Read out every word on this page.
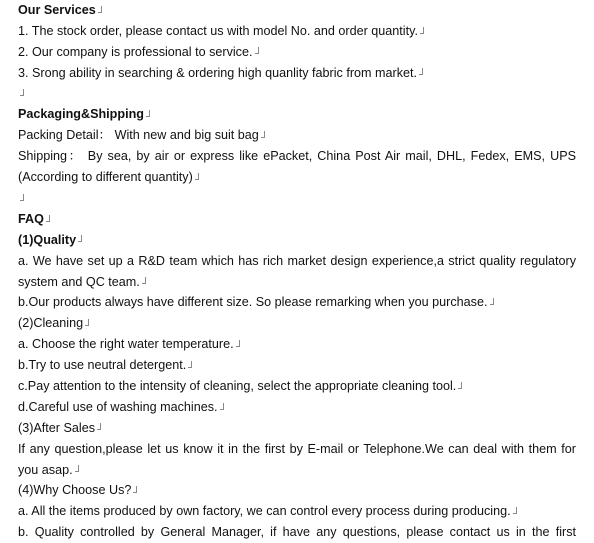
Our Services
1. The stock order, please contact us with model No. and order quantity.
2. Our company is professional to service.
3. Srong ability in searching & ordering high quanlity fabric from market.
Packaging&Shipping
Packing Detail： With new and big suit bag
Shipping： By sea, by air or express like ePacket, China Post Air mail, DHL, Fedex, EMS, UPS
(According to different quantity)
FAQ
(1)Quality
a. We have set up a R&D team which has rich market design experience,a strict quality regulatory
system and QC team.
b.Our products always have different size. So please remarking when you purchase.
(2)Cleaning
a. Choose the right water temperature.
b.Try to use neutral detergent.
c.Pay attention to the intensity of cleaning, select the appropriate cleaning tool.
d.Careful use of washing machines.
(3)After Sales
If any question,please let us know it in the first by E-mail or Telephone.We can deal with them for
you asap.
(4)Why Choose Us?
a. All the items produced by own factory, we can control every process during producing.
b. Quality controlled by General Manager, if have any questions, please contact us in the first
